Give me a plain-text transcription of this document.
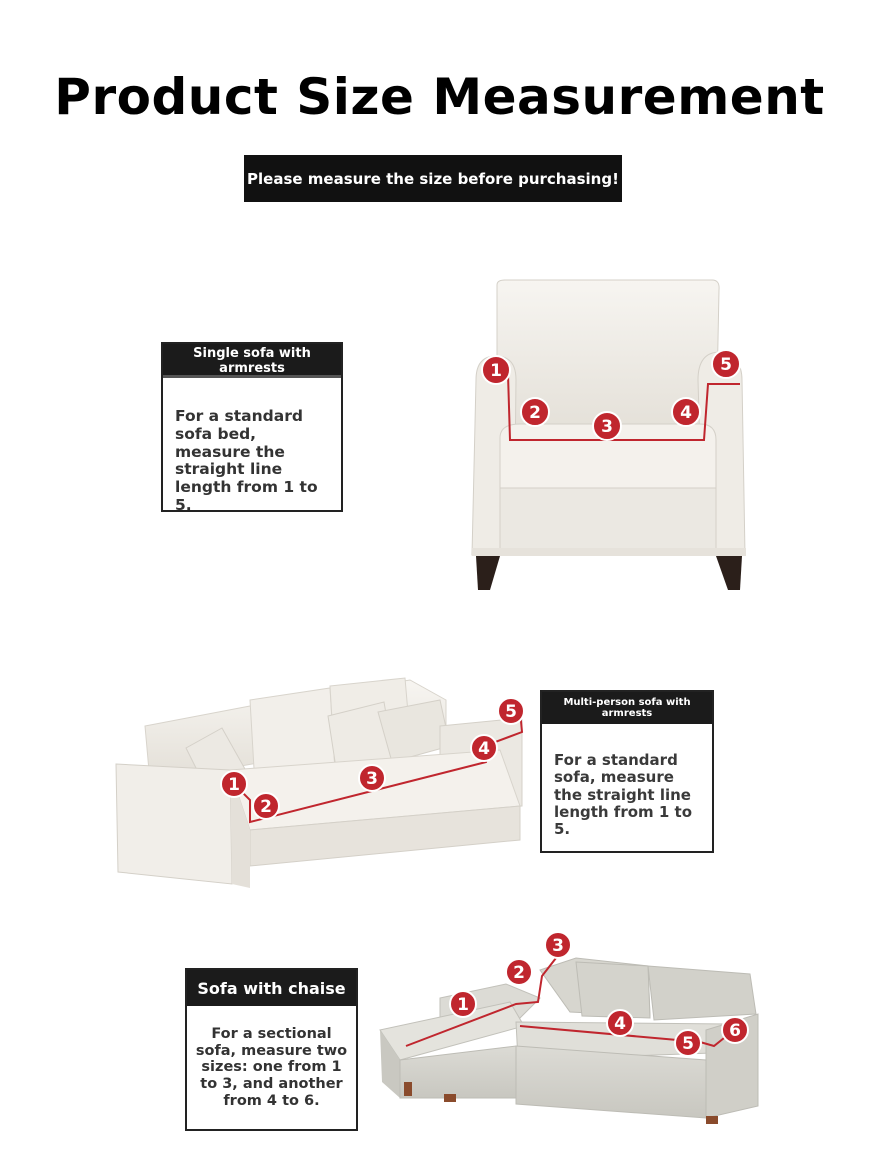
Product Size Measurement
Please measure the size before purchasing!
Single sofa with armrests
For a standard sofa bed, measure the straight line length from 1 to 5.
Multi-person sofa with armrests
For a standard sofa, measure the straight line length from 1 to 5.
Sofa with chaise
For a sectional sofa, measure two sizes: one from 1 to 3, and another from 4 to 6.
1
2
3
4
5
1
2
3
4
5
1
2
3
4
5
6
